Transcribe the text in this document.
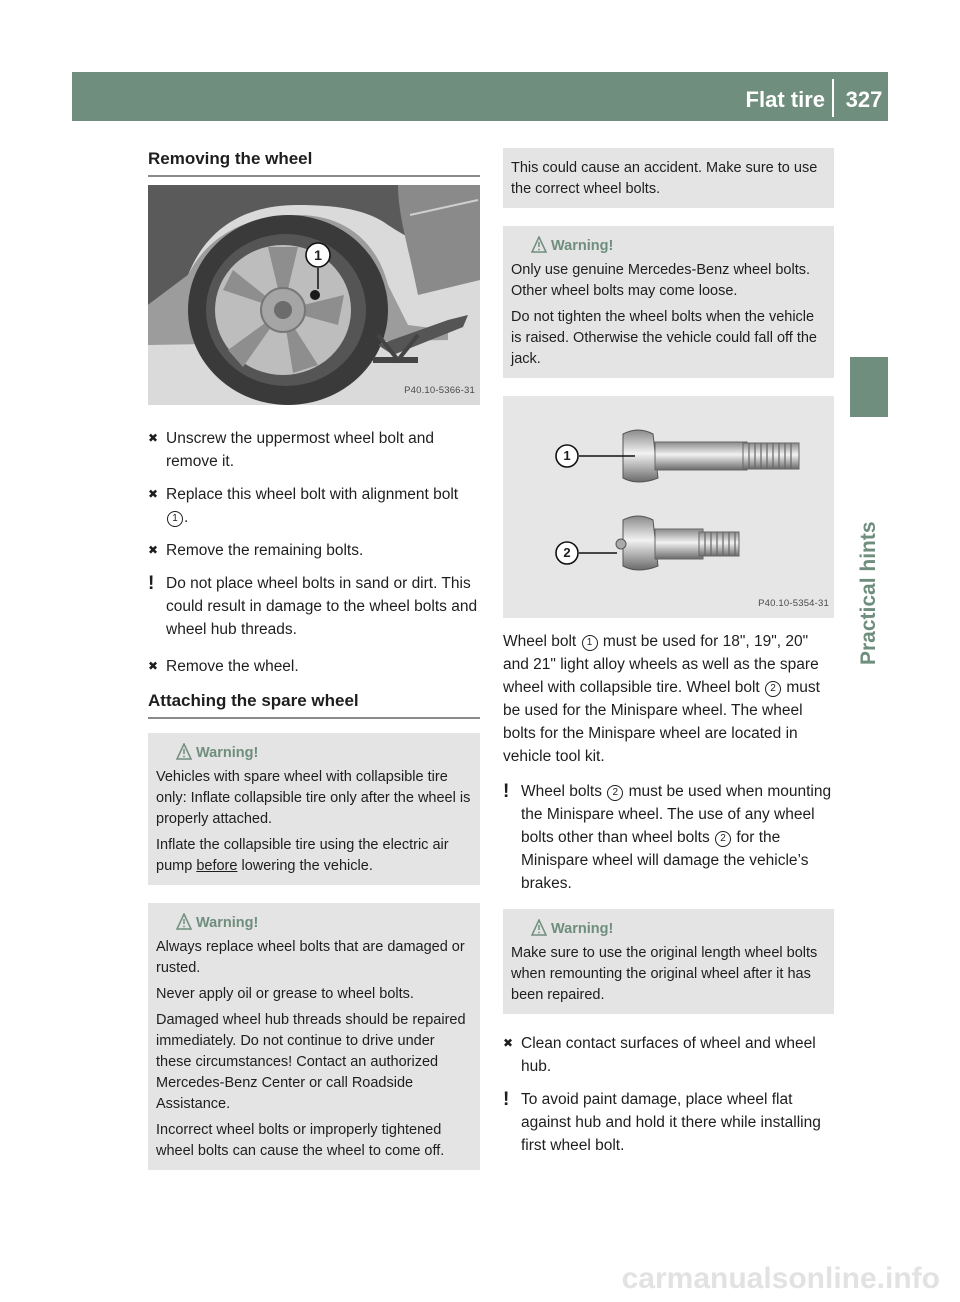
Flat tire 327
Practical hints
Removing the wheel
1
P40.10-5366-31
✖ Unscrew the uppermost wheel bolt and remove it.
✖ Replace this wheel bolt with alignment bolt 1 .
✖ Remove the remaining bolts.
! Do not place wheel bolts in sand or dirt. This could result in damage to the wheel bolts and wheel hub threads.
✖ Remove the wheel.
Attaching the spare wheel
Warning!

Vehicles with spare wheel with collapsible tire only: Inflate collapsible tire only after the wheel is properly attached.

Inflate the collapsible tire using the electric air pump before lowering the vehicle.

Warning!

Always replace wheel bolts that are damaged or rusted.

Never apply oil or grease to wheel bolts.

Damaged wheel hub threads should be repaired immediately. Do not continue to drive under these circumstances! Contact an authorized Mercedes-Benz Center or call Roadside Assistance.

Incorrect wheel bolts or improperly tightened wheel bolts can cause the wheel to come off.

This could cause an accident. Make sure to use the correct wheel bolts.

Warning!

Only use genuine Mercedes-Benz wheel bolts. Other wheel bolts may come loose.

Do not tighten the wheel bolts when the vehicle is raised. Otherwise the vehicle could fall off the jack.

1
2
P40.10-5354-31

Wheel bolt 1 must be used for 18", 19", 20" and 21" light alloy wheels as well as the spare wheel with collapsible tire. Wheel bolt 2 must be used for the Minispare wheel. The wheel bolts for the Minispare wheel are located in vehicle tool kit.

! Wheel bolts 2 must be used when mounting the Minispare wheel. The use of any wheel bolts other than wheel bolts 2 for the Minispare wheel will damage the vehicle’s brakes.
Warning!

Make sure to use the original length wheel bolts when remounting the original wheel after it has been repaired.

✖ Clean contact surfaces of wheel and wheel hub.
! To avoid paint damage, place wheel flat against hub and hold it there while installing first wheel bolt.
carmanualsonline.info
